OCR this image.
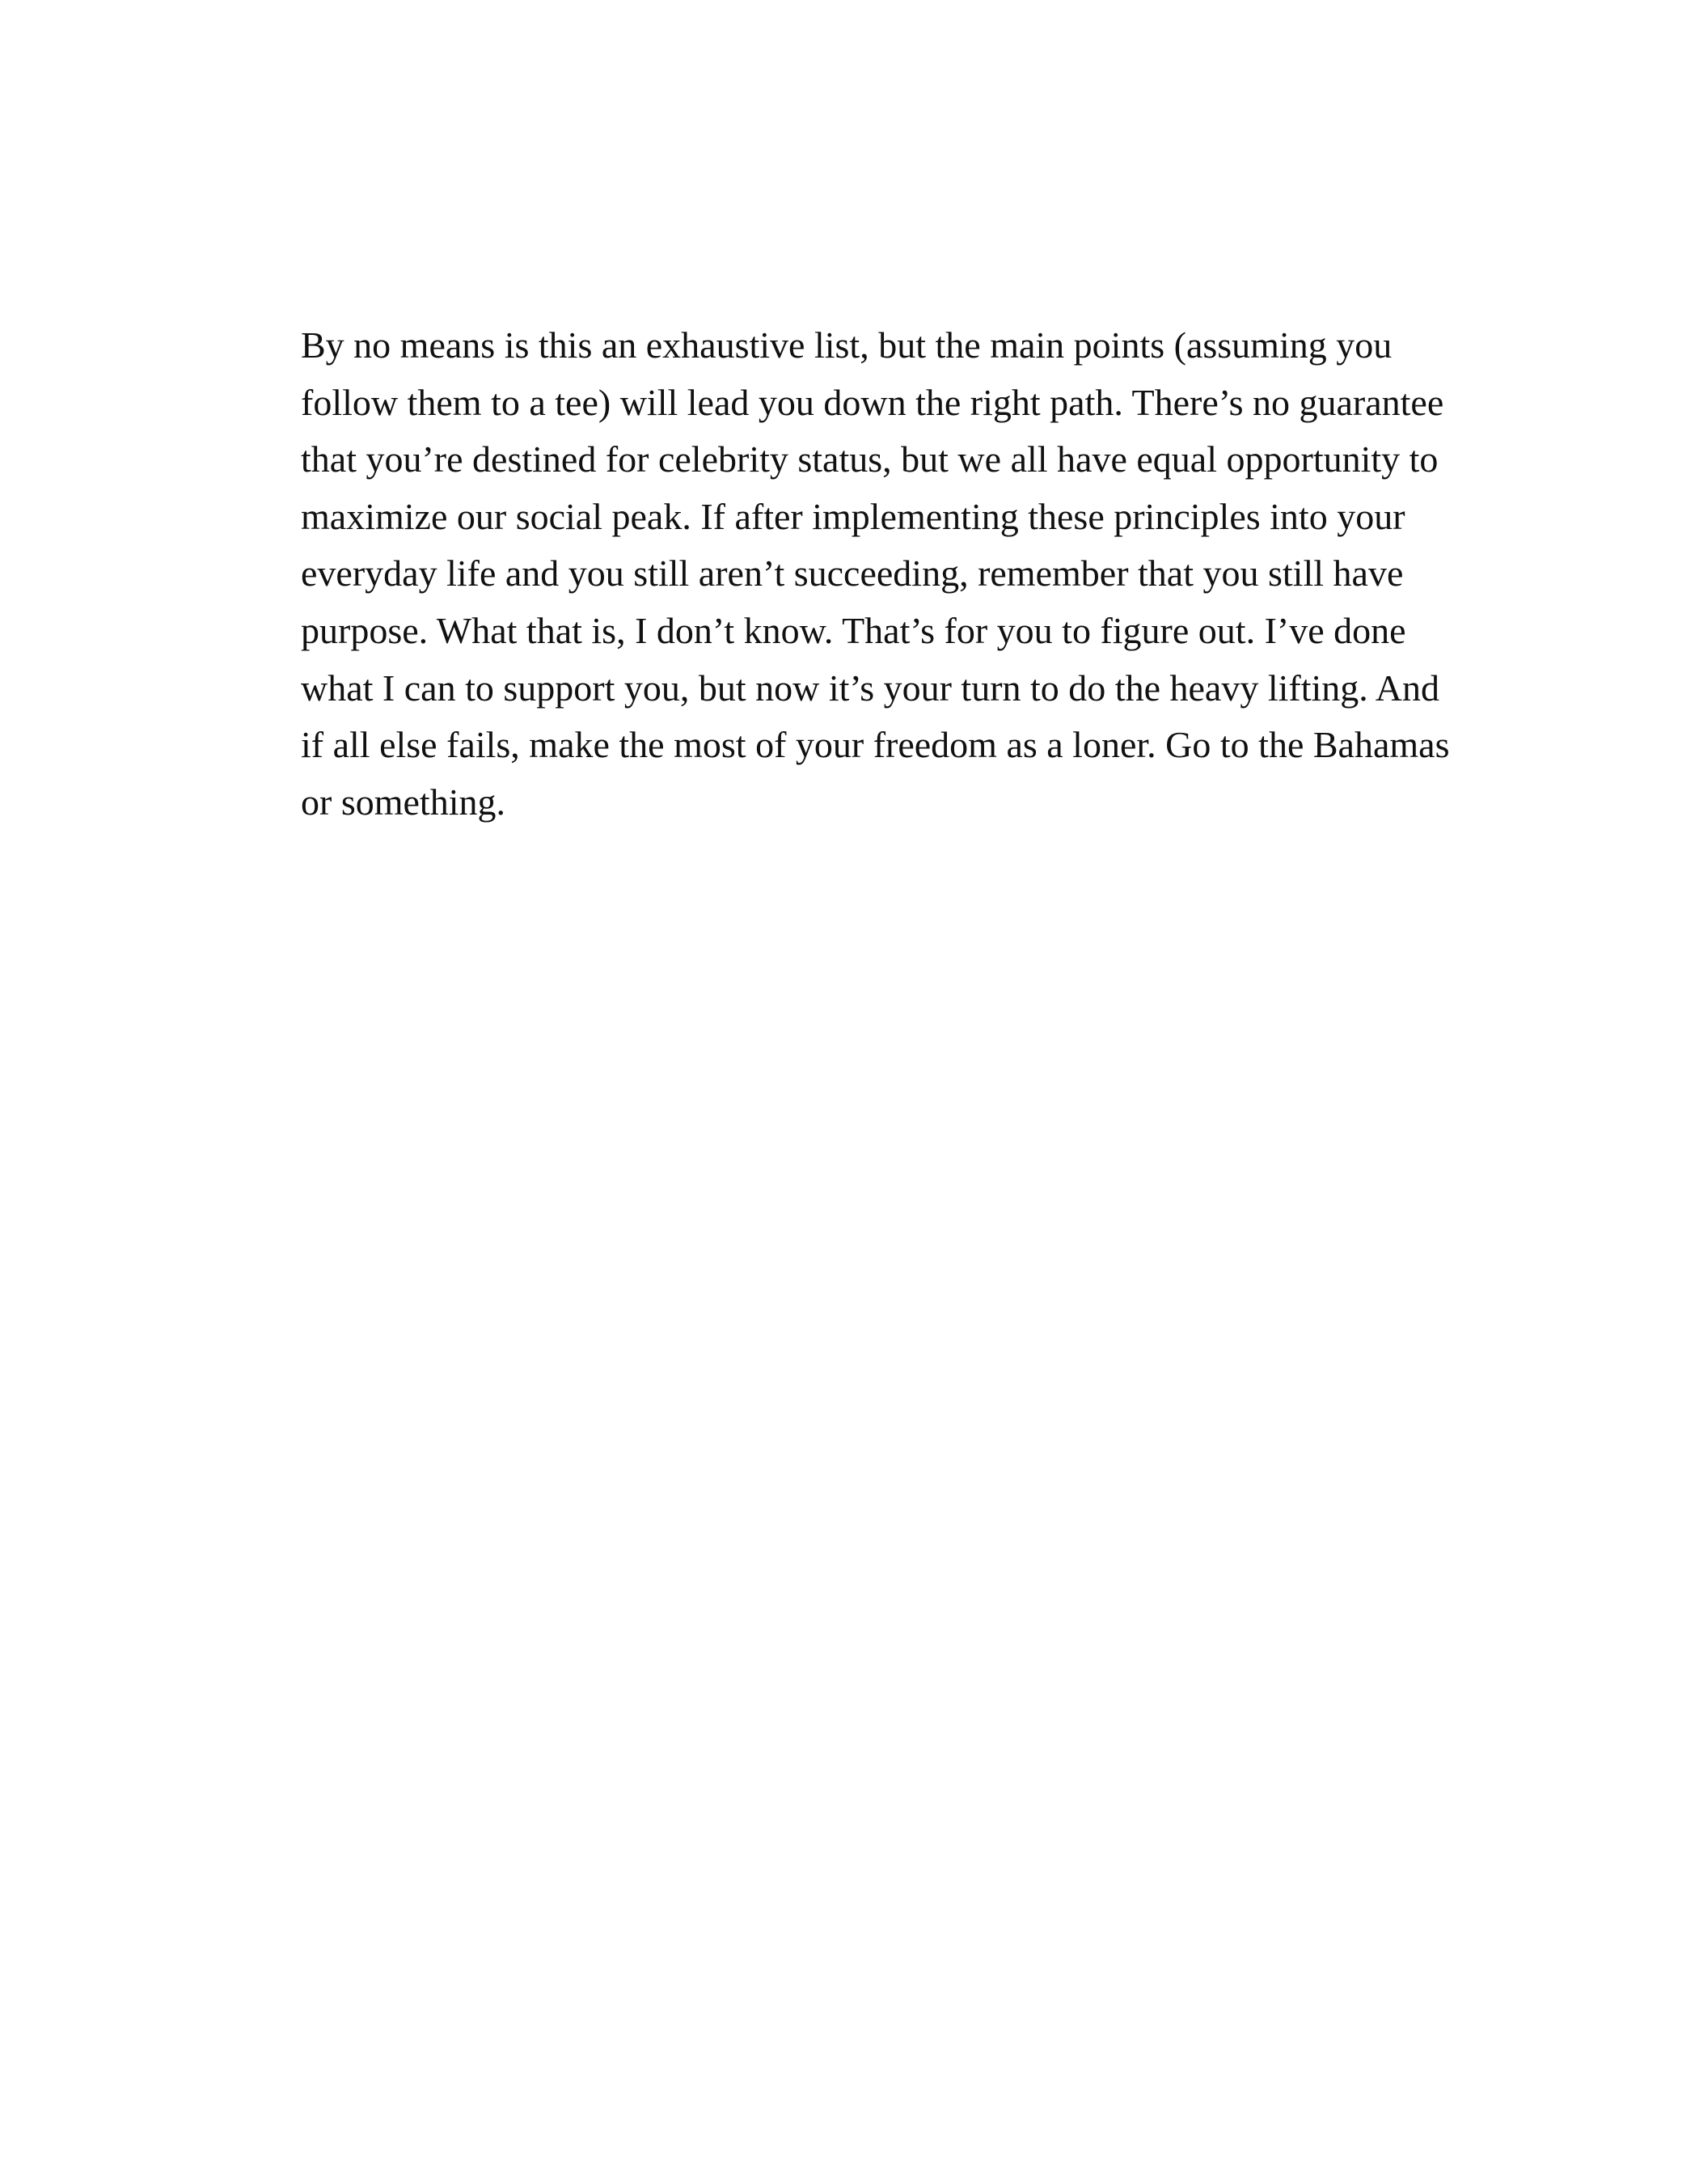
By no means is this an exhaustive list, but the main points (assuming you
follow them to a tee) will lead you down the right path. There’s no guarantee
that you’re destined for celebrity status, but we all have equal opportunity to
maximize our social peak. If after implementing these principles into your
everyday life and you still aren’t succeeding, remember that you still have
purpose. What that is, I don’t know. That’s for you to figure out. I’ve done
what I can to support you, but now it’s your turn to do the heavy lifting. And
if all else fails, make the most of your freedom as a loner. Go to the Bahamas
or something.
